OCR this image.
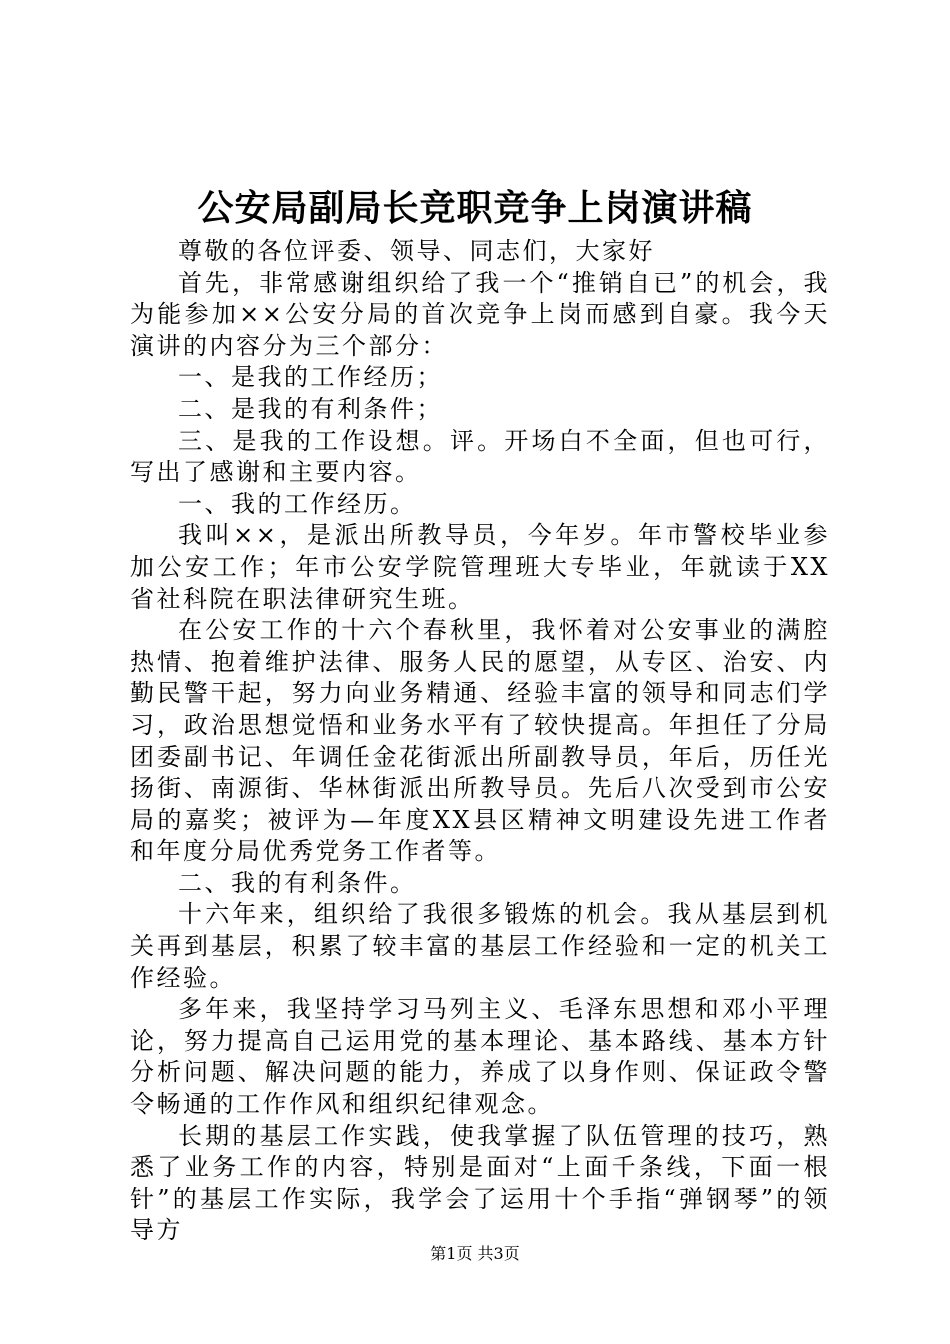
公安局副局长竞职竞争上岗演讲稿

尊敬的各位评委、领导、同志们，大家好

首先，非常感谢组织给了我一个“推销自已”的机会，我为能参加××公安分局的首次竞争上岗而感到自豪。我今天演讲的内容分为三个部分：

一、是我的工作经历；

二、是我的有利条件；

三、是我的工作设想。评。开场白不全面，但也可行，写出了感谢和主要内容。

一、我的工作经历。

我叫××，是派出所教导员，今年岁。年市警校毕业参加公安工作；年市公安学院管理班大专毕业，年就读于XX省社科院在职法律研究生班。

在公安工作的十六个春秋里，我怀着对公安事业的满腔热情、抱着维护法律、服务人民的愿望，从专区、治安、内勤民警干起，努力向业务精通、经验丰富的领导和同志们学习，政治思想觉悟和业务水平有了较快提高。年担任了分局团委副书记、年调任金花街派出所副教导员，年后，历任光扬街、南源街、华林街派出所教导员。先后八次受到市公安局的嘉奖；被评为—年度XX县区精神文明建设先进工作者和年度分局优秀党务工作者等。

二、我的有利条件。

十六年来，组织给了我很多锻炼的机会。我从基层到机关再到基层，积累了较丰富的基层工作经验和一定的机关工作经验。

多年来，我坚持学习马列主义、毛泽东思想和邓小平理论，努力提高自己运用党的基本理论、基本路线、基本方针分析问题、解决问题的能力，养成了以身作则、保证政令警令畅通的工作作风和组织纪律观念。

长期的基层工作实践，使我掌握了队伍管理的技巧，熟悉了业务工作的内容，特别是面对“上面千条线，下面一根针”的基层工作实际，我学会了运用十个手指“弹钢琴”的领导方

第1页 共3页
